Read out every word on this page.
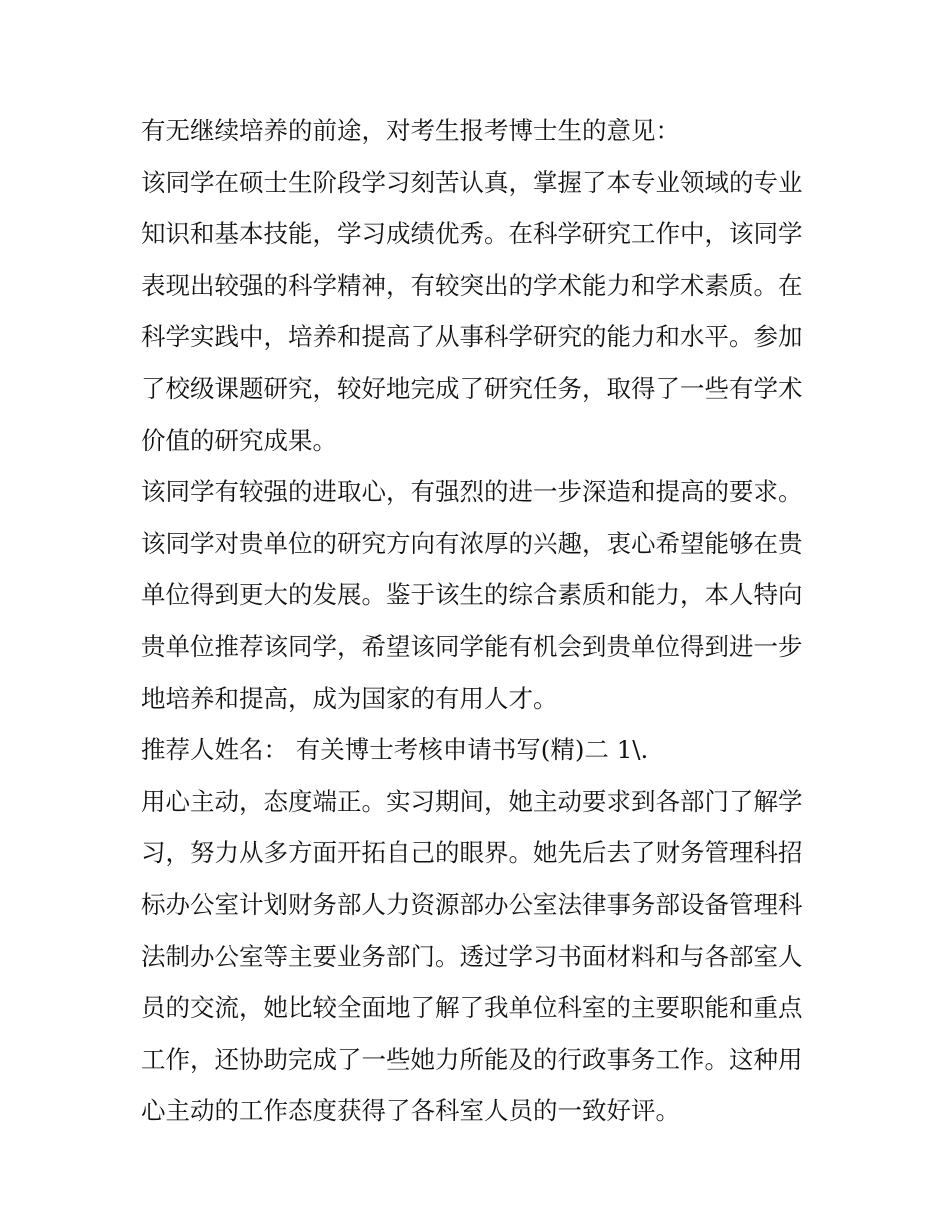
有无继续培养的前途，对考生报考博士生的意见：

该同学在硕士生阶段学习刻苦认真，掌握了本专业领域的专业

知识和基本技能，学习成绩优秀。在科学研究工作中，该同学

表现出较强的科学精神，有较突出的学术能力和学术素质。在

科学实践中，培养和提高了从事科学研究的能力和水平。参加

了校级课题研究，较好地完成了研究任务，取得了一些有学术

价值的研究成果。

该同学有较强的进取心，有强烈的进一步深造和提高的要求。

该同学对贵单位的研究方向有浓厚的兴趣，衷心希望能够在贵

单位得到更大的发展。鉴于该生的综合素质和能力，本人特向

贵单位推荐该同学，希望该同学能有机会到贵单位得到进一步

地培养和提高，成为国家的有用人才。

推荐人姓名： 有关博士考核申请书写(精)二 1\.

用心主动，态度端正。实习期间，她主动要求到各部门了解学

习，努力从多方面开拓自己的眼界。她先后去了财务管理科招

标办公室计划财务部人力资源部办公室法律事务部设备管理科

法制办公室等主要业务部门。透过学习书面材料和与各部室人

员的交流，她比较全面地了解了我单位科室的主要职能和重点

工作，还协助完成了一些她力所能及的行政事务工作。这种用

心主动的工作态度获得了各科室人员的一致好评。
